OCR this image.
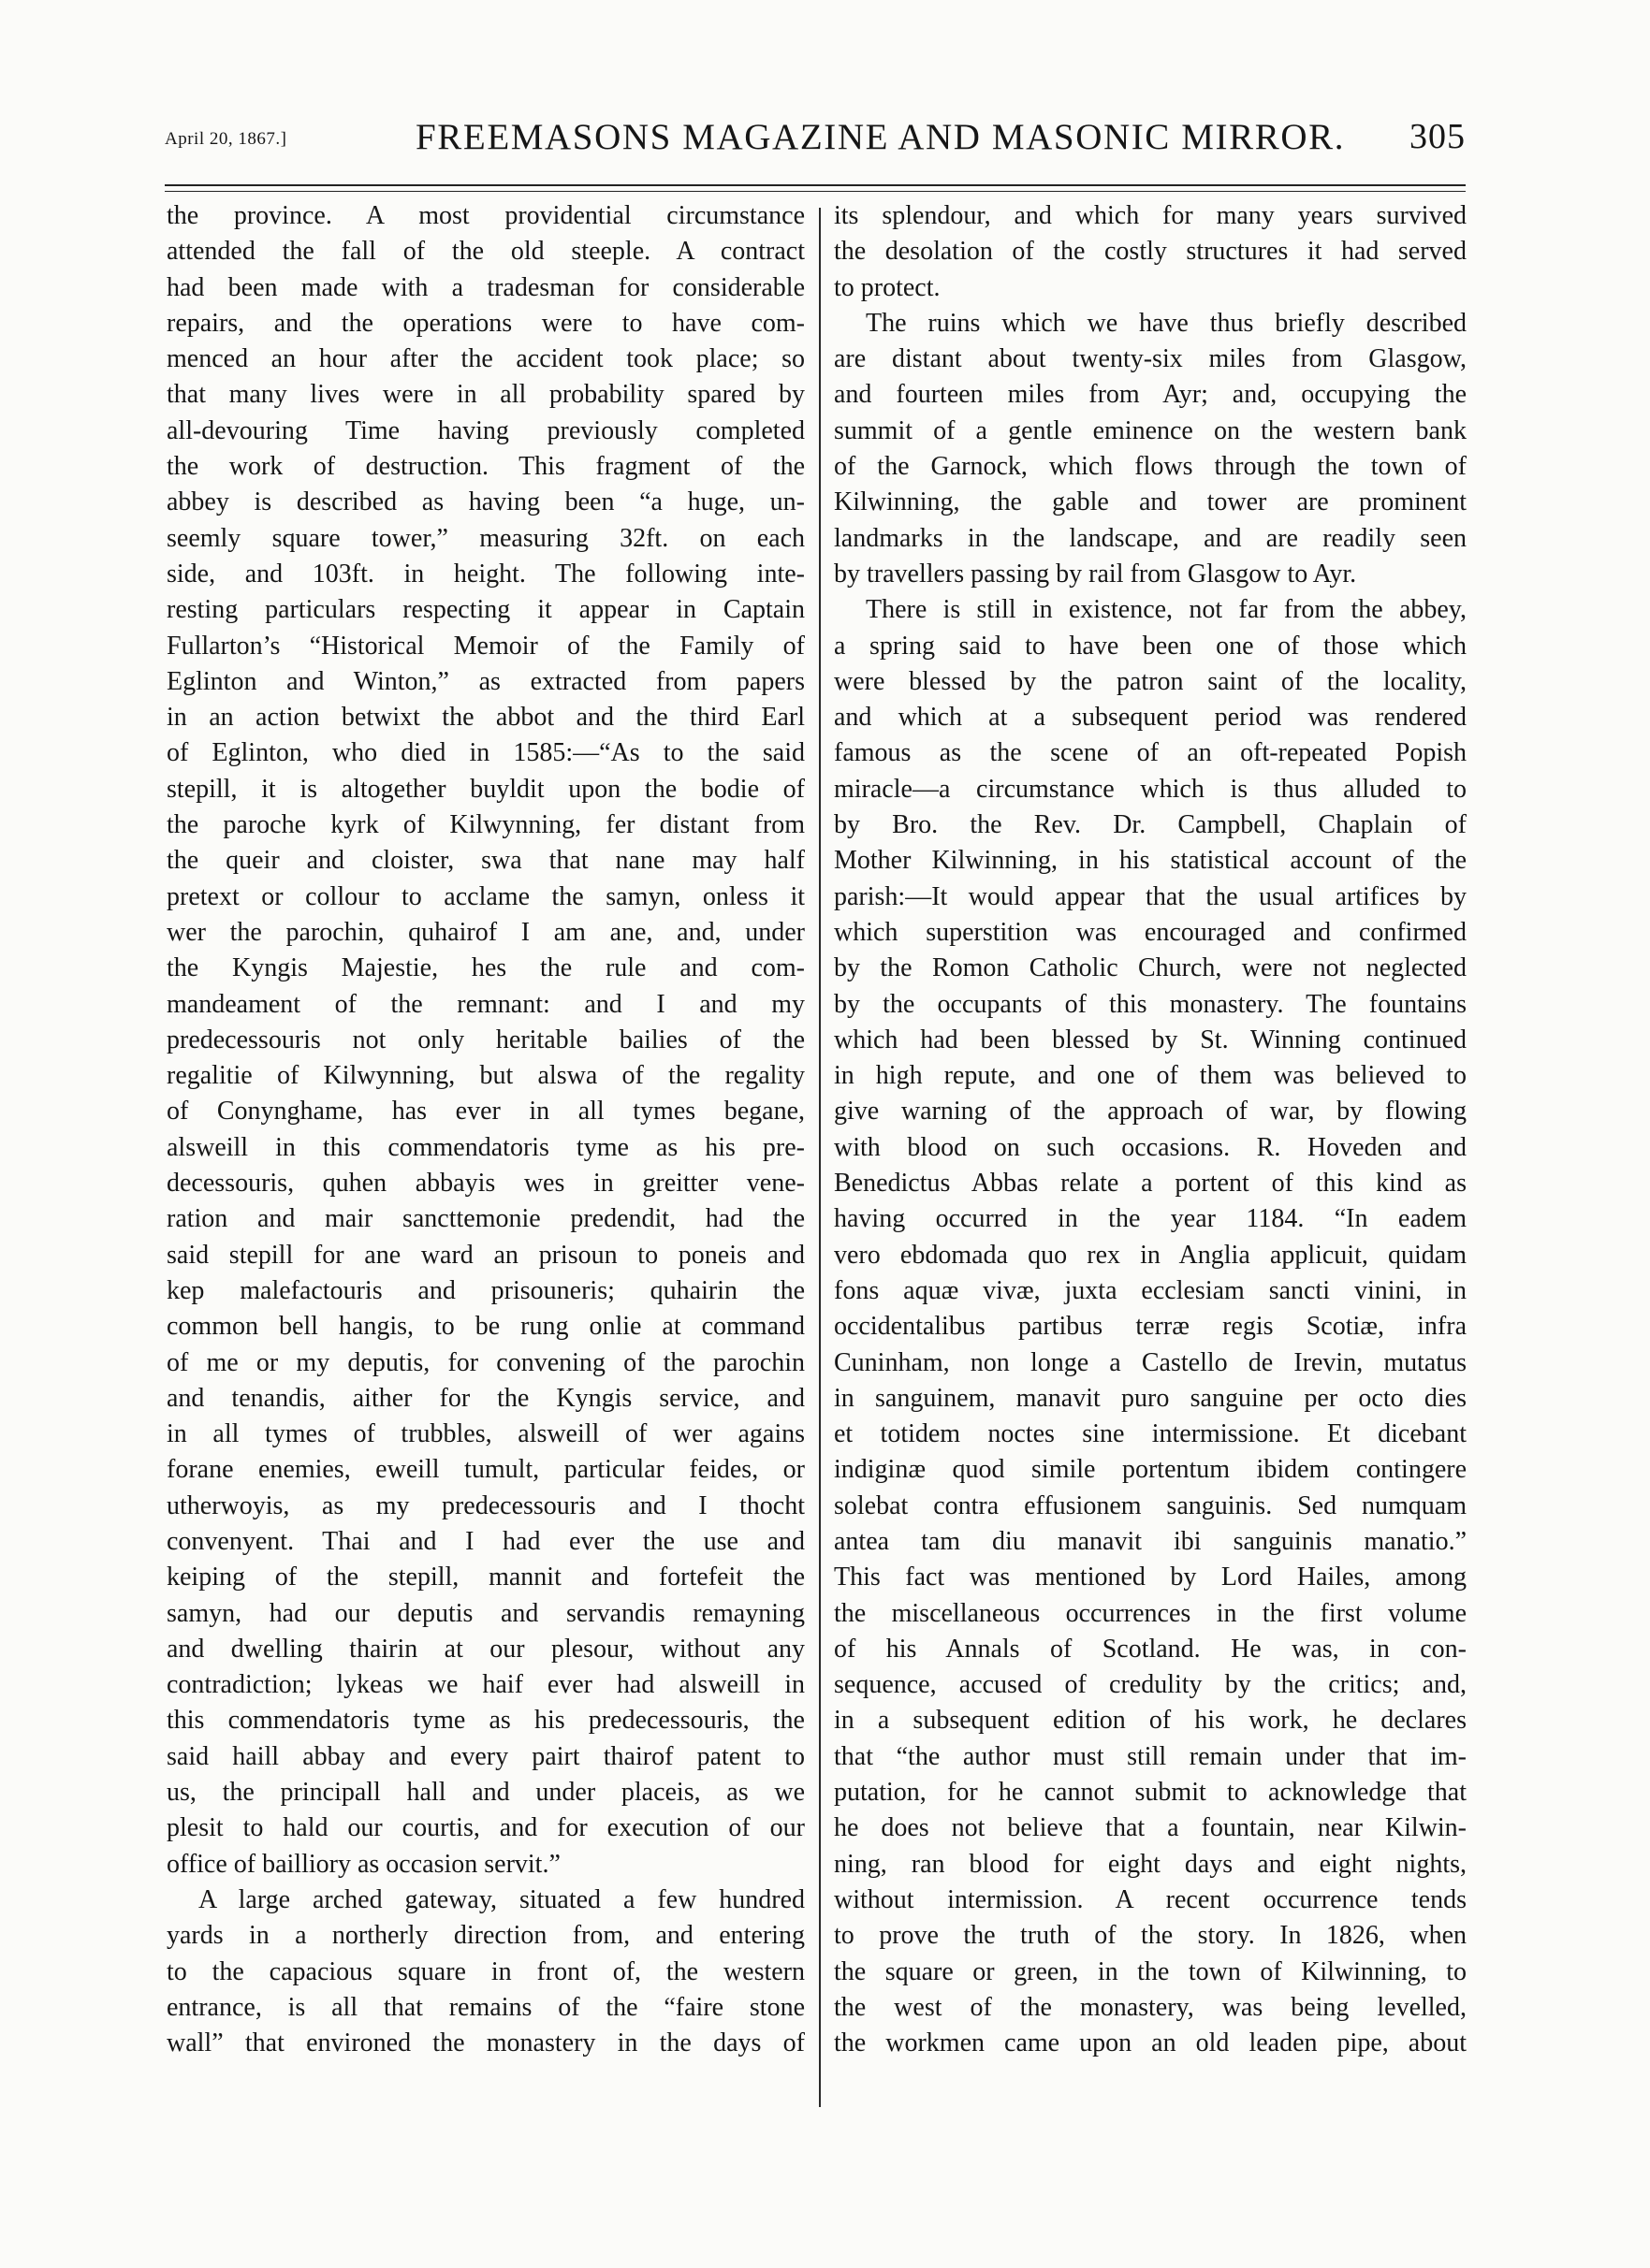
April 20, 1867.]	FREEMASONS MAGAZINE AND MASONIC MIRROR. 305

the province. A most providential circumstance
attended the fall of the old steeple. A contract
had been made with a tradesman for considerable
repairs, and the operations were to have com-
menced an hour after the accident took place; so
that many lives were in all probability spared by
all-devouring Time having previously completed
the work of destruction. This fragment of the
abbey is described as having been “a huge, un-
seemly square tower,” measuring 32ft. on each
side, and 103ft. in height. The following inte-
resting particulars respecting it appear in Captain
Fullarton’s “Historical Memoir of the Family of
Eglinton and Winton,” as extracted from papers
in an action betwixt the abbot and the third Earl
of Eglinton, who died in 1585:—“As to the said
stepill, it is altogether buyldit upon the bodie of
the paroche kyrk of Kilwynning, fer distant from
the queir and cloister, swa that nane may half
pretext or collour to acclame the samyn, onless it
wer the parochin, quhairof I am ane, and, under
the Kyngis Majestie, hes the rule and com-
mandeament of the remnant: and I and my
predecessouris not only heritable bailies of the
regalitie of Kilwynning, but alswa of the regality
of Conynghame, has ever in all tymes begane,
alsweill in this commendatoris tyme as his pre-
decessouris, quhen abbayis wes in greitter vene-
ration and mair sancttemonie predendit, had the
said stepill for ane ward an prisoun to poneis and
kep malefactouris and prisouneris; quhairin the
common bell hangis, to be rung onlie at command
of me or my deputis, for convening of the parochin
and tenandis, aither for the Kyngis service, and
in all tymes of trubbles, alsweill of wer agains
forane enemies, eweill tumult, particular feides, or
utherwoyis, as my predecessouris and I thocht
convenyent. Thai and I had ever the use and
keiping of the stepill, mannit and fortefeit the
samyn, had our deputis and servandis remayning
and dwelling thairin at our plesour, without any
contradiction; lykeas we haif ever had alsweill in
this commendatoris tyme as his predecessouris, the
said haill abbay and every pairt thairof patent to
us, the principall hall and under placeis, as we
plesit to hald our courtis, and for execution of our
office of bailliory as occasion servit.”

A large arched gateway, situated a few hundred
yards in a northerly direction from, and entering
to the capacious square in front of, the western
entrance, is all that remains of the “faire stone
wall” that environed the monastery in the days of

its splendour, and which for many years survived
the desolation of the costly structures it had served
to protect.

The ruins which we have thus briefly described
are distant about twenty-six miles from Glasgow,
and fourteen miles from Ayr; and, occupying the
summit of a gentle eminence on the western bank
of the Garnock, which flows through the town of
Kilwinning, the gable and tower are prominent
landmarks in the landscape, and are readily seen
by travellers passing by rail from Glasgow to Ayr.

There is still in existence, not far from the abbey,
a spring said to have been one of those which
were blessed by the patron saint of the locality,
and which at a subsequent period was rendered
famous as the scene of an oft-repeated Popish
miracle—a circumstance which is thus alluded to
by Bro. the Rev. Dr. Campbell, Chaplain of
Mother Kilwinning, in his statistical account of the
parish:—It would appear that the usual artifices by
which superstition was encouraged and confirmed
by the Romon Catholic Church, were not neglected
by the occupants of this monastery. The fountains
which had been blessed by St. Winning continued
in high repute, and one of them was believed to
give warning of the approach of war, by flowing
with blood on such occasions. R. Hoveden and
Benedictus Abbas relate a portent of this kind as
having occurred in the year 1184. “In eadem
vero ebdomada quo rex in Anglia applicuit, quidam
fons aquæ vivæ, juxta ecclesiam sancti vinini, in
occidentalibus partibus terræ regis Scotiæ, infra
Cuninham, non longe a Castello de Irevin, mutatus
in sanguinem, manavit puro sanguine per octo dies
et totidem noctes sine intermissione. Et dicebant
indiginæ quod simile portentum ibidem contingere
solebat contra effusionem sanguinis. Sed numquam
antea tam diu manavit ibi sanguinis manatio.”
This fact was mentioned by Lord Hailes, among
the miscellaneous occurrences in the first volume
of his Annals of Scotland. He was, in con-
sequence, accused of credulity by the critics; and,
in a subsequent edition of his work, he declares
that “the author must still remain under that im-
putation, for he cannot submit to acknowledge that
he does not believe that a fountain, near Kilwin-
ning, ran blood for eight days and eight nights,
without intermission. A recent occurrence tends
to prove the truth of the story. In 1826, when
the square or green, in the town of Kilwinning, to
the west of the monastery, was being levelled,
the workmen came upon an old leaden pipe, about
